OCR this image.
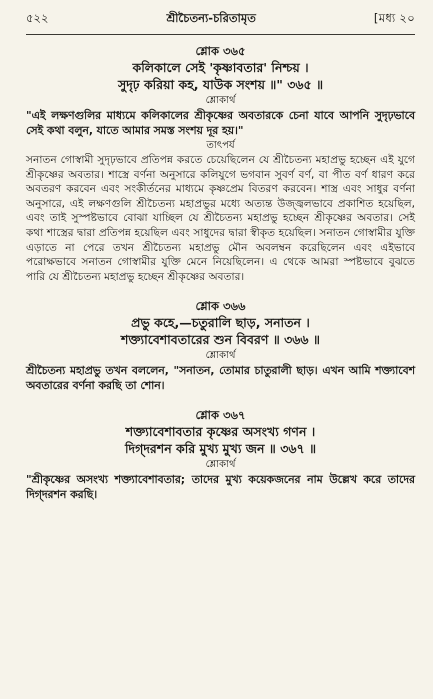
৫২২	শ্রীচৈতন্য-চরিতামৃত	[মধ্য ২০
শ্লোক ৩৬৫
কলিকালে সেই 'কৃষ্ণাবতার' নিশ্চয় ।
সুদৃঢ় করিয়া কহ, যাউক সংশয় ॥" ৩৬৫ ॥
শ্লোকার্থ

"এই লক্ষণগুলির মাধ্যমে কলিকালের শ্রীকৃষ্ণের অবতারকে চেনা যাবে আপনি সুদৃঢ়ভাবে সেই কথা বলুন, যাতে আমার সমস্ত সংশয় দূর হয়।"

তাৎপর্য

সনাতন গোস্বামী সুদৃঢ়ভাবে প্রতিপন্ন করতে চেয়েছিলেন যে শ্রীচৈতন্য মহাপ্রভু হচ্ছেন এই যুগে শ্রীকৃষ্ণের অবতার। শাস্ত্রে বর্ণনা অনুসারে কলিযুগে ভগবান সুবর্ণ বর্ণ, বা পীত বর্ণ ধারণ করে অবতরণ করবেন এবং সংকীর্তনের মাধ্যমে কৃষ্ণপ্রেম বিতরণ করবেন। শাস্ত্র এবং সাধুর বর্ণনা অনুসারে, এই লক্ষণগুলি শ্রীচৈতন্য মহাপ্রভুর মধ্যে অত্যন্ত উজ্জ্বলভাবে প্রকাশিত হয়েছিল, এবং তাই সুস্পষ্টভাবে বোঝা যাচ্ছিল যে শ্রীচৈতন্য মহাপ্রভু হচ্ছেন শ্রীকৃষ্ণের অবতার। সেই কথা শাস্ত্রের দ্বারা প্রতিপন্ন হয়েছিল এবং সাধুদের দ্বারা স্বীকৃত হয়েছিল। সনাতন গোস্বামীর যুক্তি এড়াতে না পেরে তখন শ্রীচৈতন্য মহাপ্রভু মৌন অবলম্বন করেছিলেন এবং এইভাবে পরোক্ষভাবে সনাতন গোস্বামীর যুক্তি মেনে নিয়েছিলেন। এ থেকে আমরা স্পষ্টভাবে বুঝতে পারি যে শ্রীচৈতন্য মহাপ্রভু হচ্ছেন শ্রীকৃষ্ণের অবতার।

শ্লোক ৩৬৬
প্রভু কহে,—চতুরালি ছাড়, সনাতন ।
শক্ত্যাবেশাবতারের শুন বিবরণ ॥ ৩৬৬ ॥
শ্লোকার্থ

শ্রীচৈতন্য মহাপ্রভু তখন বললেন, "সনাতন, তোমার চাতুরালী ছাড়। এখন আমি শক্ত্যাবেশ অবতারের বর্ণনা করছি তা শোন।

শ্লোক ৩৬৭
শক্ত্যাবেশাবতার কৃষ্ণের অসংখ্য গণন ।
দিগ্‌দরশন করি মুখ্য মুখ্য জন ॥ ৩৬৭ ॥
শ্লোকার্থ

"শ্রীকৃষ্ণের অসংখ্য শক্ত্যাবেশাবতার; তাদের মুখ্য কয়েকজনের নাম উল্লেখ করে তাদের দিগ্‌দরশন করছি।
